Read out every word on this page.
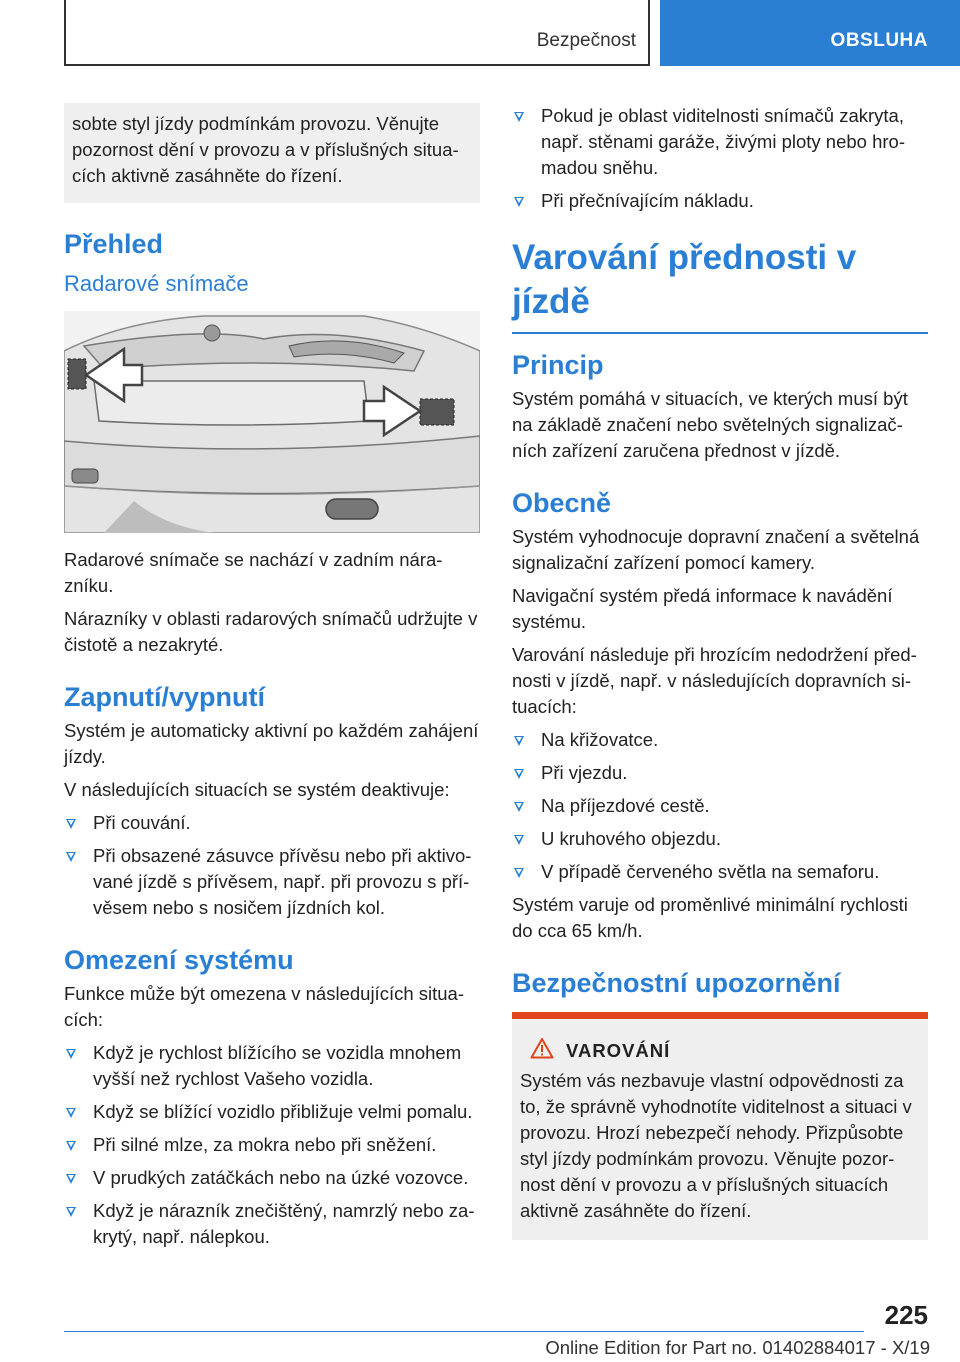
Bezpečnost	OBSLUHA

sobte styl jízdy podmínkám provozu. Věnujte pozornost dění v provozu a v příslušných situacích aktivně zasáhněte do řízení.

Přehled
Radarové snímače

Radarové snímače se nachází v zadním nárazníku.

Nárazníky v oblasti radarových snímačů udržujte v čistotě a nezakryté.

Zapnutí/vypnutí

Systém je automaticky aktivní po každém zahájení jízdy.

V následujících situacích se systém deaktivuje:

Při couvání.
Při obsazené zásuvce přívěsu nebo při aktivované jízdě s přívěsem, např. při provozu s přívěsem nebo s nosičem jízdních kol.
Omezení systému

Funkce může být omezena v následujících situacích:

Když je rychlost blížícího se vozidla mnohem vyšší než rychlost Vašeho vozidla.
Když se blížící vozidlo přibližuje velmi pomalu.
Při silné mlze, za mokra nebo při sněžení.
V prudkých zatáčkách nebo na úzké vozovce.
Když je nárazník znečištěný, namrzlý nebo zakrytý, např. nálepkou.
Pokud je oblast viditelnosti snímačů zakryta, např. stěnami garáže, živými ploty nebo hromadou sněhu.
Při přečnívajícím nákladu.
Varování přednosti v jízdě
Princip

Systém pomáhá v situacích, ve kterých musí být na základě značení nebo světelných signalizačních zařízení zaručena přednost v jízdě.

Obecně

Systém vyhodnocuje dopravní značení a světelná signalizační zařízení pomocí kamery.

Navigační systém předá informace k navádění systému.

Varování následuje při hrozícím nedodržení přednosti v jízdě, např. v následujících dopravních situacích:

Na křižovatce.
Při vjezdu.
Na příjezdové cestě.
U kruhového objezdu.
V případě červeného světla na semaforu.

Systém varuje od proměnlivé minimální rychlosti do cca 65 km/h.

Bezpečnostní upozornění
VAROVÁNÍ

Systém vás nezbavuje vlastní odpovědnosti za to, že správně vyhodnotíte viditelnost a situaci v provozu. Hrozí nebezpečí nehody. Přizpůsobte styl jízdy podmínkám provozu. Věnujte pozornost dění v provozu a v příslušných situacích aktivně zasáhněte do řízení.

225
Online Edition for Part no. 01402884017 - X/19
